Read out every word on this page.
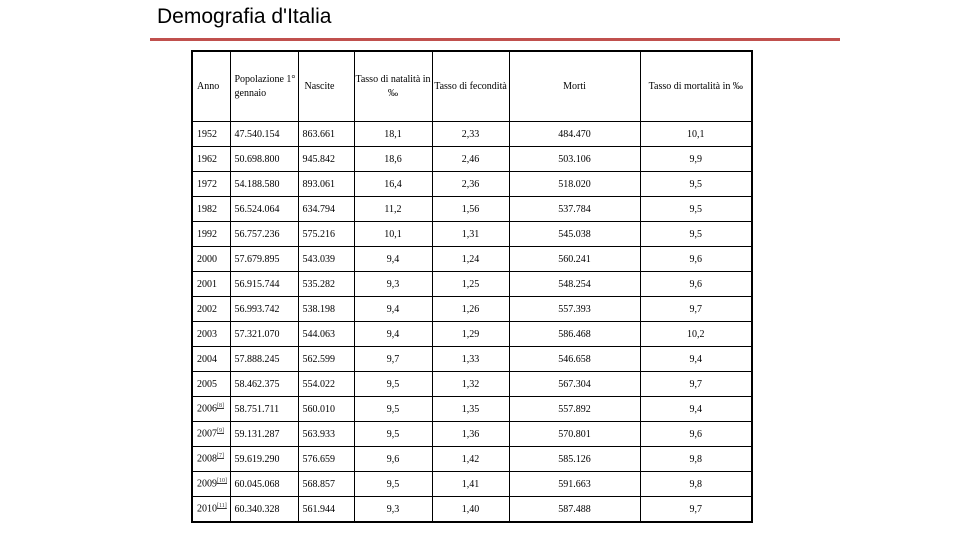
Demografia d'Italia
Anno	Popolazione 1° gennaio	Nascite	Tasso di natalità in ‰	Tasso di fecondità	Morti	Tasso di mortalità in ‰
1952	47.540.154	863.661	18,1	2,33	484.470	10,1
1962	50.698.800	945.842	18,6	2,46	503.106	9,9
1972	54.188.580	893.061	16,4	2,36	518.020	9,5
1982	56.524.064	634.794	11,2	1,56	537.784	9,5
1992	56.757.236	575.216	10,1	1,31	545.038	9,5
2000	57.679.895	543.039	9,4	1,24	560.241	9,6
2001	56.915.744	535.282	9,3	1,25	548.254	9,6
2002	56.993.742	538.198	9,4	1,26	557.393	9,7
2003	57.321.070	544.063	9,4	1,29	586.468	10,2
2004	57.888.245	562.599	9,7	1,33	546.658	9,4
2005	58.462.375	554.022	9,5	1,32	567.304	9,7
2006[8]	58.751.711	560.010	9,5	1,35	557.892	9,4
2007[9]	59.131.287	563.933	9,5	1,36	570.801	9,6
2008[7]	59.619.290	576.659	9,6	1,42	585.126	9,8
2009[10]	60.045.068	568.857	9,5	1,41	591.663	9,8
2010[11]	60.340.328	561.944	9,3	1,40	587.488	9,7
